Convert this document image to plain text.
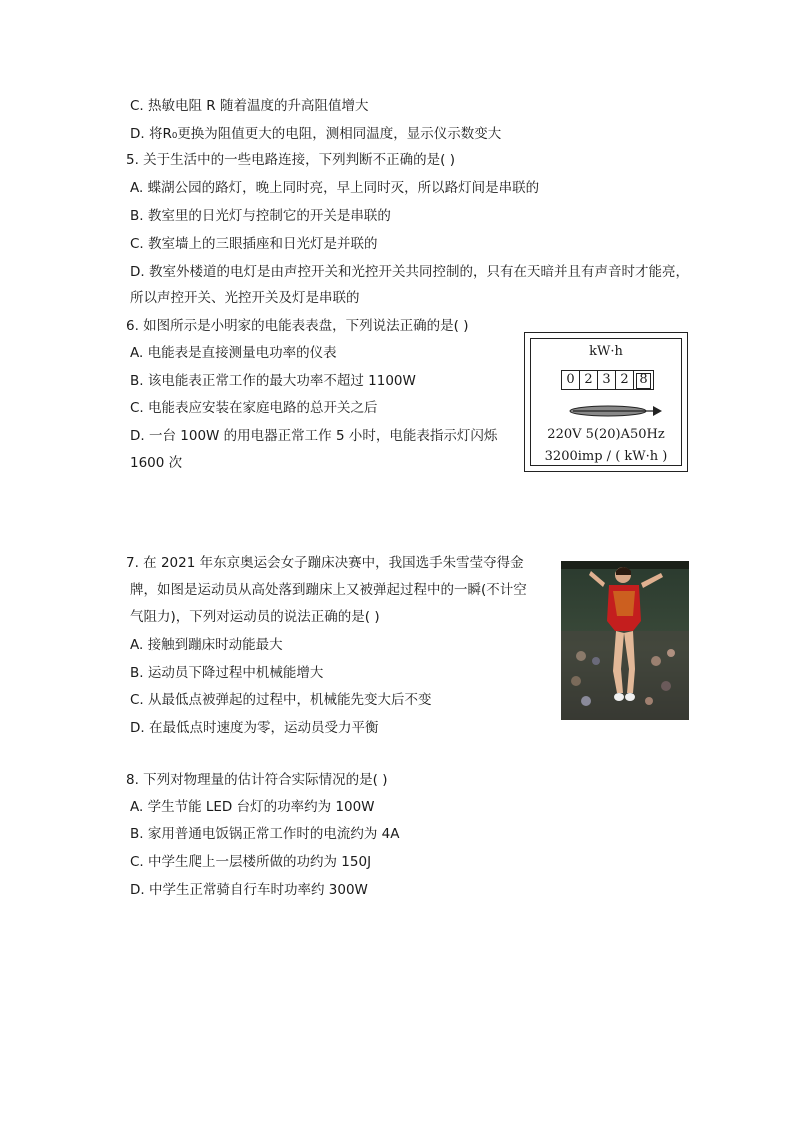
C. 热敏电阻 R 随着温度的升高阻值增大
D. 将R₀更换为阻值更大的电阻，测相同温度，显示仪示数变大
5. 关于生活中的一些电路连接，下列判断不正确的是( )
A. 蝶湖公园的路灯，晚上同时亮，早上同时灭，所以路灯间是串联的
B. 教室里的日光灯与控制它的开关是串联的
C. 教室墙上的三眼插座和日光灯是并联的
D. 教室外楼道的电灯是由声控开关和光控开关共同控制的，只有在天暗并且有声音时才能亮，
所以声控开关、光控开关及灯是串联的
6. 如图所示是小明家的电能表表盘，下列说法正确的是( )
A. 电能表是直接测量电功率的仪表
B. 该电能表正常工作的最大功率不超过 1100W
C. 电能表应安装在家庭电路的总开关之后
D. 一台 100W 的用电器正常工作 5 小时，电能表指示灯闪烁
1600 次
kW·h
0 2 3 2 8
220V 5(20)A50Hz
3200imp / ( kW·h )
7. 在 2021 年东京奥运会女子蹦床决赛中，我国选手朱雪莹夺得金
牌，如图是运动员从高处落到蹦床上又被弹起过程中的一瞬(不计空
气阻力)，下列对运动员的说法正确的是( )
A. 接触到蹦床时动能最大
B. 运动员下降过程中机械能增大
C. 从最低点被弹起的过程中，机械能先变大后不变
D. 在最低点时速度为零，运动员受力平衡
8. 下列对物理量的估计符合实际情况的是( )
A. 学生节能 LED 台灯的功率约为 100W
B. 家用普通电饭锅正常工作时的电流约为 4A
C. 中学生爬上一层楼所做的功约为 150J
D. 中学生正常骑自行车时功率约 300W
